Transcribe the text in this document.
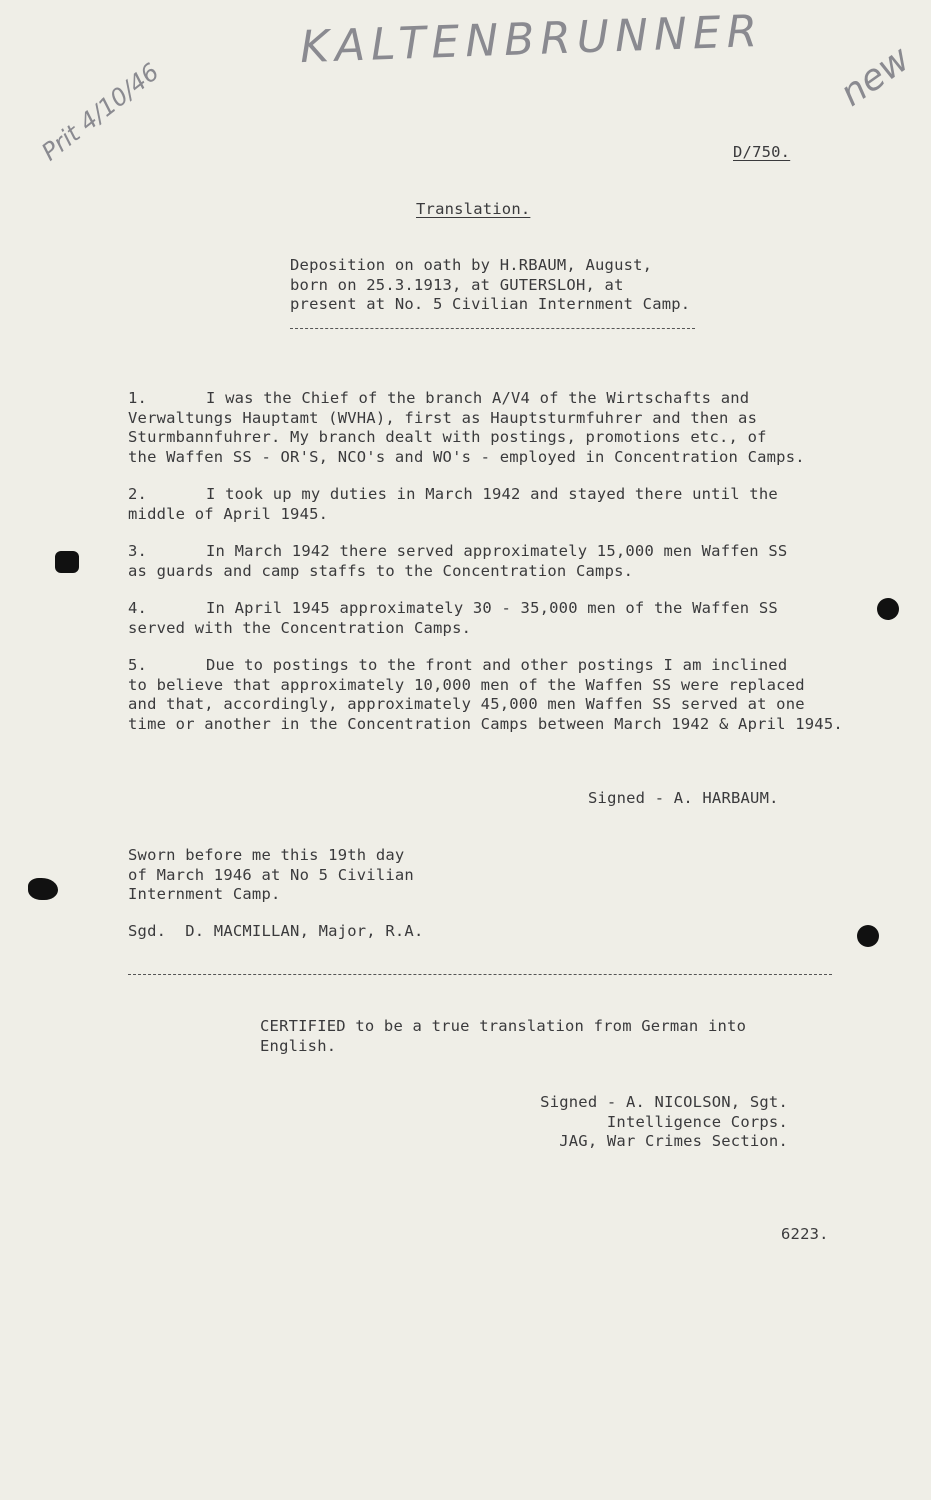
KALTENBRUNNER
Prit 4/10/46	new
D/750.
Translation.
Deposition on oath by H.RBAUM, August,
born on 25.3.1913, at GUTERSLOH, at
present at No. 5 Civilian Internment Camp.
1.	I was the Chief of the branch A/V4 of the Wirtschafts and
Verwaltungs Hauptamt (WVHA), first as Hauptsturmfuhrer and then as
Sturmbannfuhrer. My branch dealt with postings, promotions etc., of
the Waffen SS - OR'S, NCO's and WO's - employed in Concentration Camps.
2.	I took up my duties in March 1942 and stayed there until the
middle of April 1945.
3.	In March 1942 there served approximately 15,000 men Waffen SS
as guards and camp staffs to the Concentration Camps.
4.	In April 1945 approximately 30 - 35,000 men of the Waffen SS
served with the Concentration Camps.
5.	Due to postings to the front and other postings I am inclined
to believe that approximately 10,000 men of the Waffen SS were replaced
and that, accordingly, approximately 45,000 men Waffen SS served at one
time or another in the Concentration Camps between March 1942 & April 1945.
Signed - A. HARBAUM.
Sworn before me this 19th day
of March 1946 at No 5 Civilian
Internment Camp.
Sgd.  D. MACMILLAN, Major, R.A.
CERTIFIED to be a true translation from German into
English.
Signed - A. NICOLSON, Sgt.
Intelligence Corps.
JAG, War Crimes Section.
6223.
